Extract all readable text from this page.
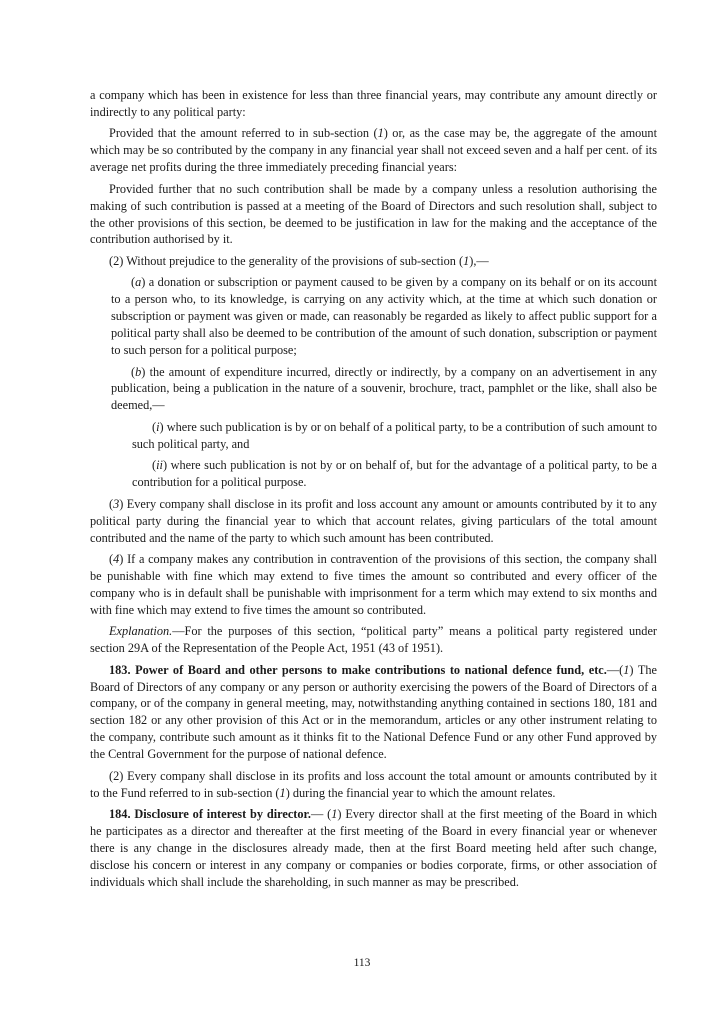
a company which has been in existence for less than three financial years, may contribute any amount directly or indirectly to any political party:

Provided that the amount referred to in sub-section (1) or, as the case may be, the aggregate of the amount which may be so contributed by the company in any financial year shall not exceed seven and a half per cent. of its average net profits during the three immediately preceding financial years:

Provided further that no such contribution shall be made by a company unless a resolution authorising the making of such contribution is passed at a meeting of the Board of Directors and such resolution shall, subject to the other provisions of this section, be deemed to be justification in law for the making and the acceptance of the contribution authorised by it.

(2) Without prejudice to the generality of the provisions of sub-section (1),—

(a) a donation or subscription or payment caused to be given by a company on its behalf or on its account to a person who, to its knowledge, is carrying on any activity which, at the time at which such donation or subscription or payment was given or made, can reasonably be regarded as likely to affect public support for a political party shall also be deemed to be contribution of the amount of such donation, subscription or payment to such person for a political purpose;

(b) the amount of expenditure incurred, directly or indirectly, by a company on an advertisement in any publication, being a publication in the nature of a souvenir, brochure, tract, pamphlet or the like, shall also be deemed,—

(i) where such publication is by or on behalf of a political party, to be a contribution of such amount to such political party, and

(ii) where such publication is not by or on behalf of, but for the advantage of a political party, to be a contribution for a political purpose.

(3) Every company shall disclose in its profit and loss account any amount or amounts contributed by it to any political party during the financial year to which that account relates, giving particulars of the total amount contributed and the name of the party to which such amount has been contributed.

(4) If a company makes any contribution in contravention of the provisions of this section, the company shall be punishable with fine which may extend to five times the amount so contributed and every officer of the company who is in default shall be punishable with imprisonment for a term which may extend to six months and with fine which may extend to five times the amount so contributed.

Explanation.—For the purposes of this section, “political party” means a political party registered under section 29A of the Representation of the People Act, 1951 (43 of 1951).

183. Power of Board and other persons to make contributions to national defence fund, etc.—(1) The Board of Directors of any company or any person or authority exercising the powers of the Board of Directors of a company, or of the company in general meeting, may, notwithstanding anything contained in sections 180, 181 and section 182 or any other provision of this Act or in the memorandum, articles or any other instrument relating to the company, contribute such amount as it thinks fit to the National Defence Fund or any other Fund approved by the Central Government for the purpose of national defence.

(2) Every company shall disclose in its profits and loss account the total amount or amounts contributed by it to the Fund referred to in sub-section (1) during the financial year to which the amount relates.

184. Disclosure of interest by director.— (1) Every director shall at the first meeting of the Board in which he participates as a director and thereafter at the first meeting of the Board in every financial year or whenever there is any change in the disclosures already made, then at the first Board meeting held after such change, disclose his concern or interest in any company or companies or bodies corporate, firms, or other association of individuals which shall include the shareholding, in such manner as may be prescribed.

113
